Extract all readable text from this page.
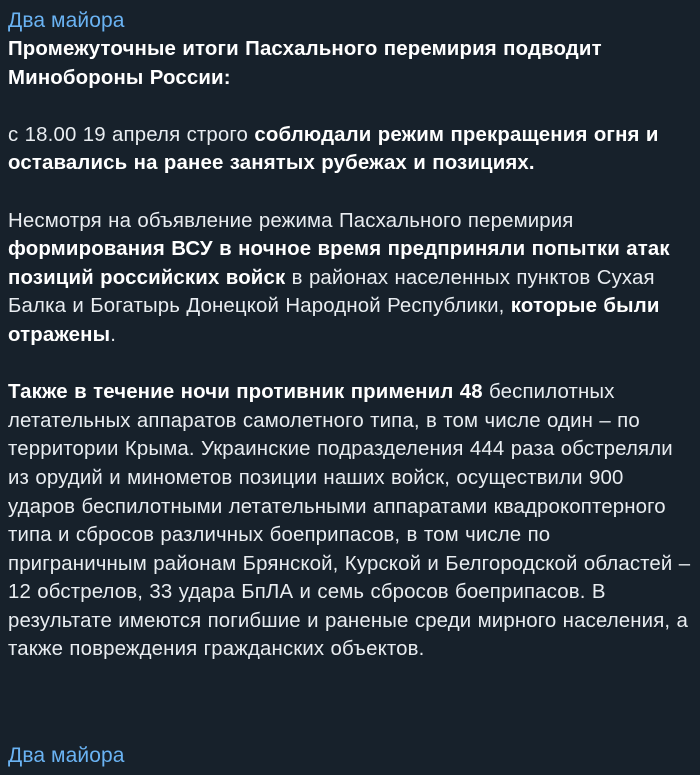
Два майора

Промежуточные итоги Пасхального перемирия подводит Минобороны России:

с 18.00 19 апреля строго соблюдали режим прекращения огня и оставались на ранее занятых рубежах и позициях.

Несмотря на объявление режима Пасхального перемирия формирования ВСУ в ночное время предприняли попытки атак позиций российских войск в районах населенных пунктов Сухая Балка и Богатырь Донецкой Народной Республики, которые были отражены.

Также в течение ночи противник применил 48 беспилотных летательных аппаратов самолетного типа, в том числе один – по территории Крыма. Украинские подразделения 444 раза обстреляли из орудий и минометов позиции наших войск, осуществили 900 ударов беспилотными летательными аппаратами квадрокоптерного типа и сбросов различных боеприпасов, в том числе по приграничным районам Брянской, Курской и Белгородской областей – 12 обстрелов, 33 удара БпЛА и семь сбросов боеприпасов. В результате имеются погибшие и раненые среди мирного населения, а также повреждения гражданских объектов.

Два майора
